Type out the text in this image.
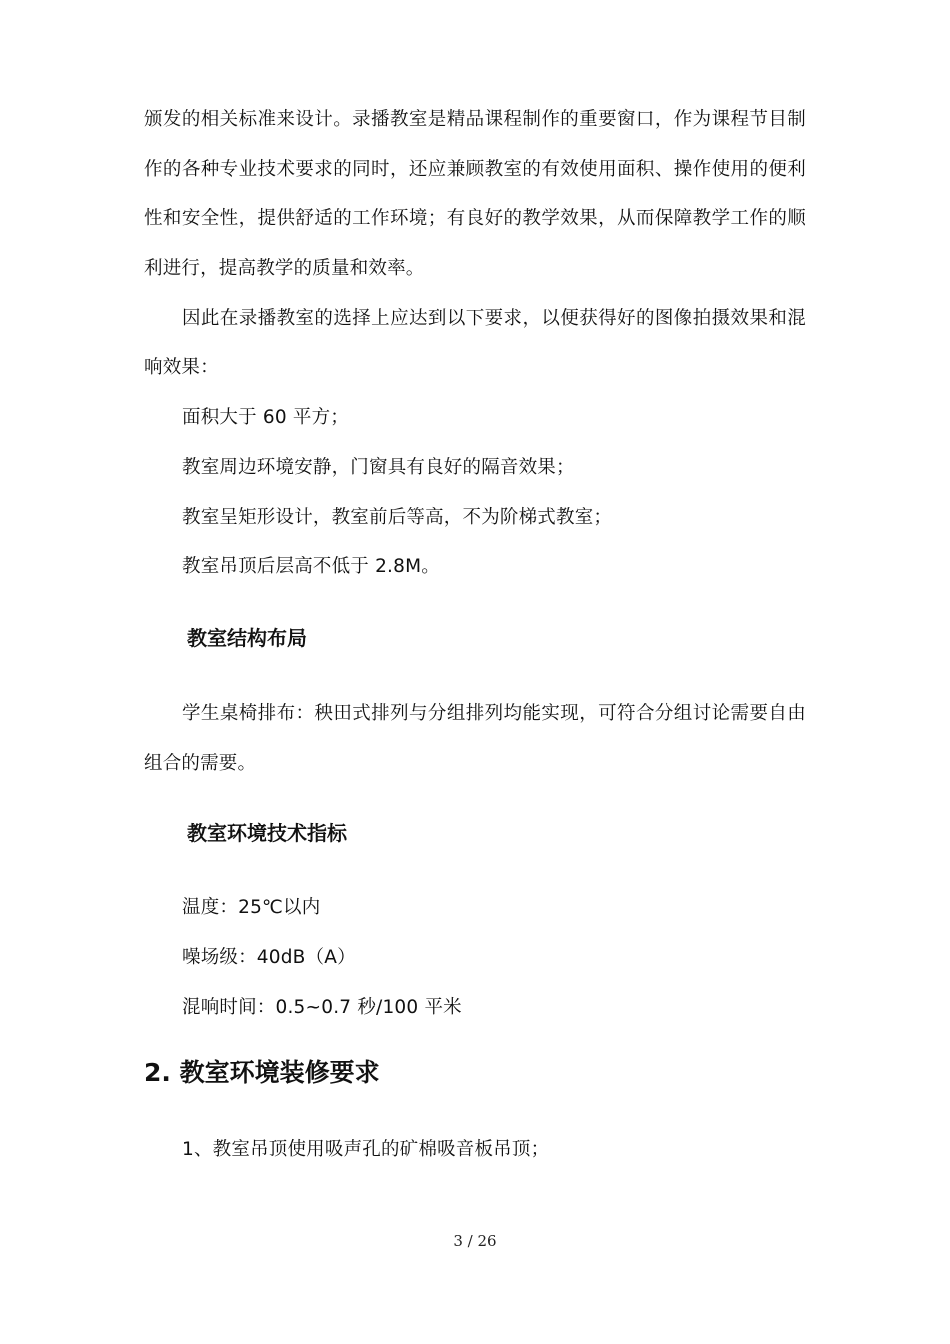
颁发的相关标准来设计。录播教室是精品课程制作的重要窗口，作为课程节目制
作的各种专业技术要求的同时，还应兼顾教室的有效使用面积、操作使用的便利
性和安全性，提供舒适的工作环境；有良好的教学效果，从而保障教学工作的顺
利进行，提高教学的质量和效率。
因此在录播教室的选择上应达到以下要求，以便获得好的图像拍摄效果和混
响效果：
面积大于 60 平方；
教室周边环境安静，门窗具有良好的隔音效果；
教室呈矩形设计，教室前后等高，不为阶梯式教室；
教室吊顶后层高不低于 2.8M。
教室结构布局
学生桌椅排布：秧田式排列与分组排列均能实现，可符合分组讨论需要自由
组合的需要。
教室环境技术指标
温度：25℃以内
噪场级：40dB（A）
混响时间：0.5~0.7 秒/100 平米
2. 教室环境装修要求
1、教室吊顶使用吸声孔的矿棉吸音板吊顶；
3 / 26
